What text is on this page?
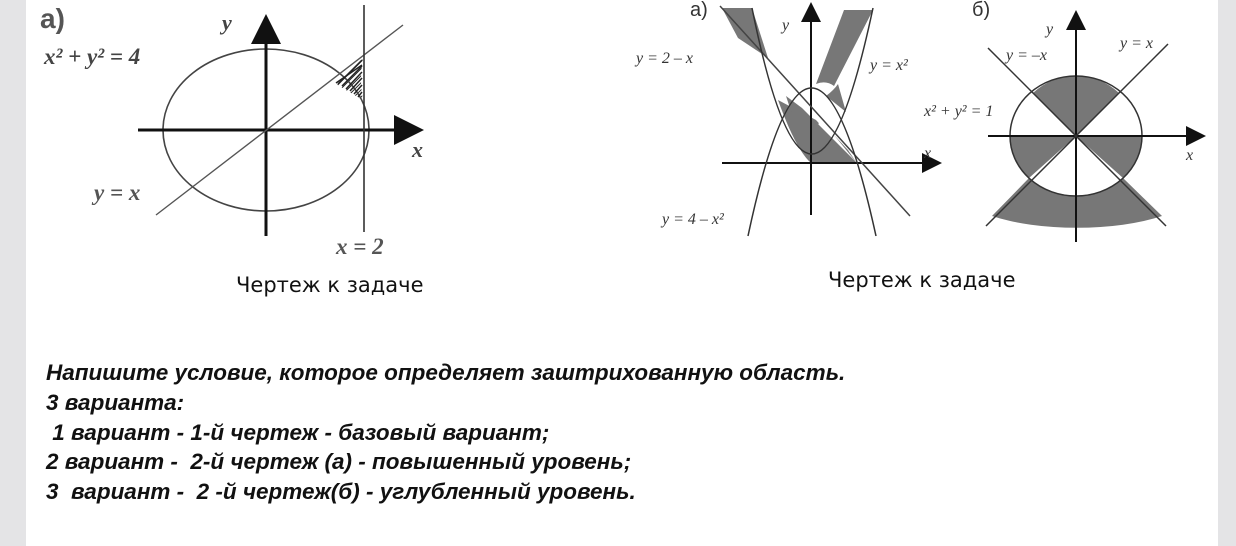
а)	y
x
x² + y² = 4
y = x
x = 2
а)
y
x
y = 2 – x	y = x²
y = 4 – x²
б)
y
x
y = –x
y = x
x² + y² = 1
Чертеж к задаче	Чертеж к задаче
Напишите условие, которое определяет заштрихованную область.
3 варианта:
1 вариант - 1-й чертеж - базовый вариант;
2 вариант -  2-й чертеж (а) - повышенный уровень;
3  вариант -  2 -й чертеж(б) - углубленный уровень.
